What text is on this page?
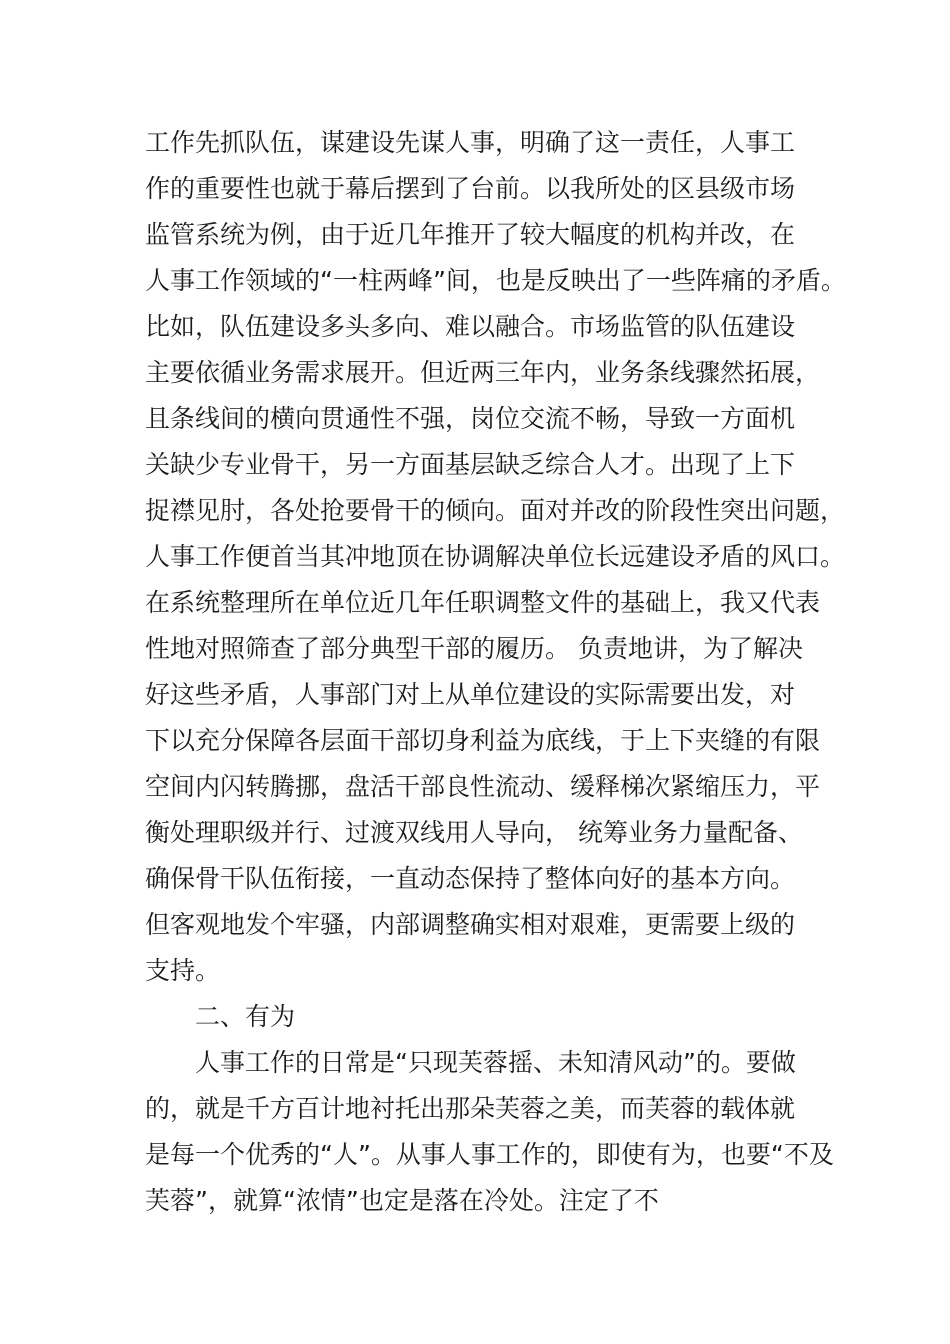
工作先抓队伍，谋建设先谋人事，明确了这一责任，人事工
作的重要性也就于幕后摆到了台前。以我所处的区县级市场
监管系统为例，由于近几年推开了较大幅度的机构并改，在
人事工作领域的“一柱两峰”间，也是反映出了一些阵痛的矛盾。
比如，队伍建设多头多向、难以融合。市场监管的队伍建设
主要依循业务需求展开。但近两三年内，业务条线骤然拓展，
且条线间的横向贯通性不强，岗位交流不畅，导致一方面机
关缺少专业骨干，另一方面基层缺乏综合人才。出现了上下
捉襟见肘，各处抢要骨干的倾向。面对并改的阶段性突出问题，
人事工作便首当其冲地顶在协调解决单位长远建设矛盾的风口。
在系统整理所在单位近几年任职调整文件的基础上，我又代表
性地对照筛查了部分典型干部的履历。 负责地讲，为了解决
好这些矛盾，人事部门对上从单位建设的实际需要出发，对
下以充分保障各层面干部切身利益为底线，于上下夹缝的有限
空间内闪转腾挪，盘活干部良性流动、缓释梯次紧缩压力，平
衡处理职级并行、过渡双线用人导向， 统筹业务力量配备、
确保骨干队伍衔接，一直动态保持了整体向好的基本方向。
但客观地发个牢骚，内部调整确实相对艰难，更需要上级的
支持。
二、有为
人事工作的日常是“只现芙蓉摇、未知清风动”的。要做
的，就是千方百计地衬托出那朵芙蓉之美，而芙蓉的载体就
是每一个优秀的“人”。从事人事工作的，即使有为，也要“不及
芙蓉”，就算“浓情”也定是落在冷处。注定了不
